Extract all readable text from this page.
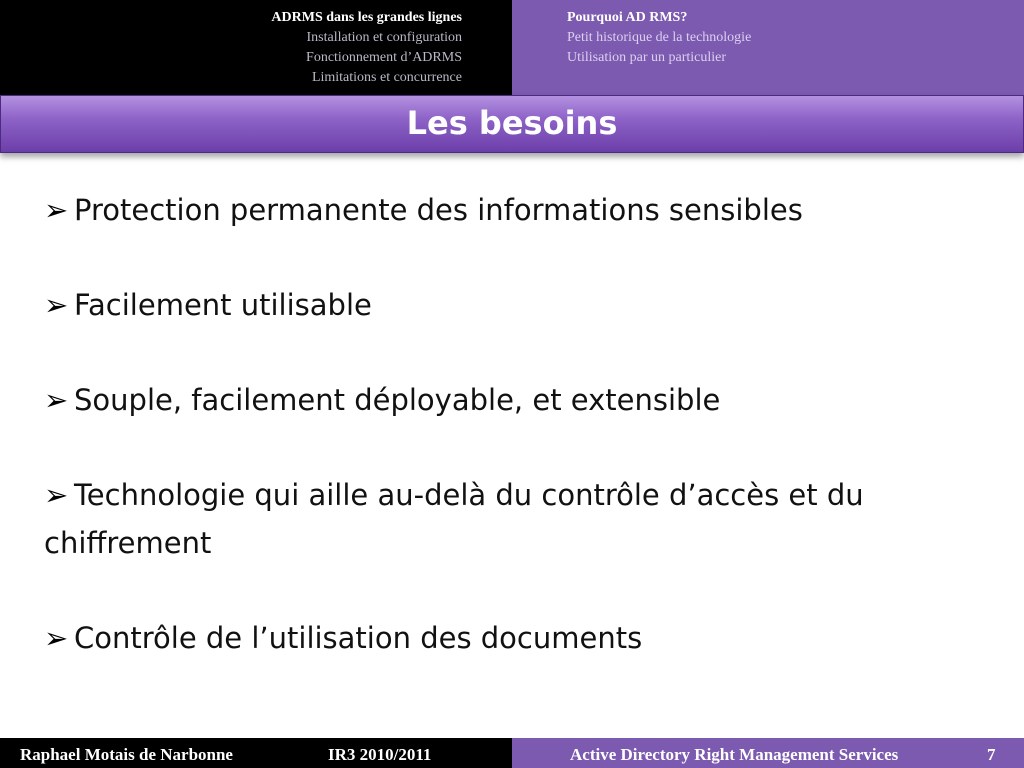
ADRMS dans les grandes lignes
Installation et configuration
Fonctionnement d’ADRMS
Limitations et concurrence
Pourquoi AD RMS?
Petit historique de la technologie
Utilisation par un particulier
Les besoins

➢ Protection permanente des informations sensibles

➢ Facilement utilisable

➢ Souple, facilement déployable, et extensible

➢ Technologie qui aille au-delà du contrôle d’accès et du chiffrement

➢ Contrôle de l’utilisation des documents

Raphael Motais de Narbonne	IR3 2010/2011	Active Directory Right Management Services	7
